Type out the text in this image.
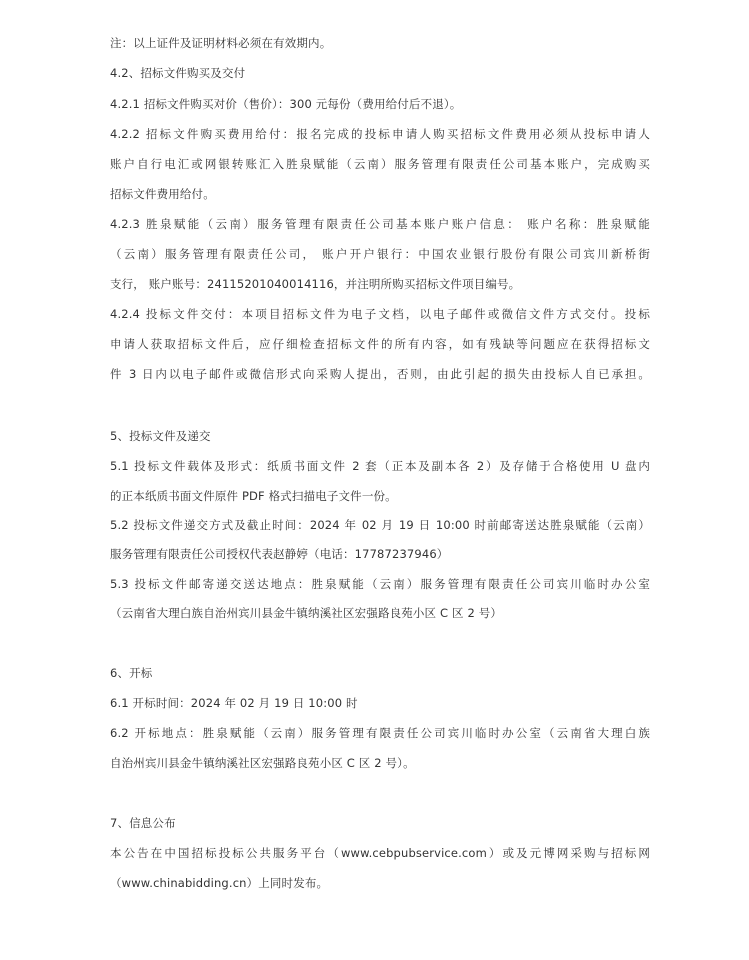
注：以上证件及证明材料必须在有效期内。
4.2、招标文件购买及交付
4.2.1 招标文件购买对价（售价）：300 元每份（费用给付后不退）。
4.2.2 招标文件购买费用给付：报名完成的投标申请人购买招标文件费用必须从投标申请人
账户自行电汇或网银转账汇入胜泉赋能（云南）服务管理有限责任公司基本账户，完成购买
招标文件费用给付。
4.2.3 胜泉赋能（云南）服务管理有限责任公司基本账户账户信息： 账户名称：胜泉赋能
（云南）服务管理有限责任公司， 账户开户银行：中国农业银行股份有限公司宾川新桥街
支行， 账户账号：24115201040014116，并注明所购买招标文件项目编号。
4.2.4 投标文件交付：本项目招标文件为电子文档，以电子邮件或微信文件方式交付。投标
申请人获取招标文件后，应仔细检查招标文件的所有内容，如有残缺等问题应在获得招标文
件 3 日内以电子邮件或微信形式向采购人提出，否则，由此引起的损失由投标人自已承担。
5、投标文件及递交
5.1 投标文件载体及形式：纸质书面文件 2 套（正本及副本各 2）及存储于合格使用 U 盘内
的正本纸质书面文件原件 PDF 格式扫描电子文件一份。
5.2 投标文件递交方式及截止时间：2024 年 02 月 19 日 10:00 时前邮寄送达胜泉赋能（云南）
服务管理有限责任公司授权代表赵静婷（电话：17787237946）
5.3 投标文件邮寄递交送达地点：胜泉赋能（云南）服务管理有限责任公司宾川临时办公室
（云南省大理白族自治州宾川县金牛镇纳溪社区宏强路良苑小区 C 区 2 号）
6、开标
6.1 开标时间：2024 年 02 月 19 日 10:00 时
6.2 开标地点：胜泉赋能（云南）服务管理有限责任公司宾川临时办公室（云南省大理白族
自治州宾川县金牛镇纳溪社区宏强路良苑小区 C 区 2 号）。
7、信息公布
本公告在中国招标投标公共服务平台（www.cebpubservice.com）或及元博网采购与招标网
（www.chinabidding.cn）上同时发布。
